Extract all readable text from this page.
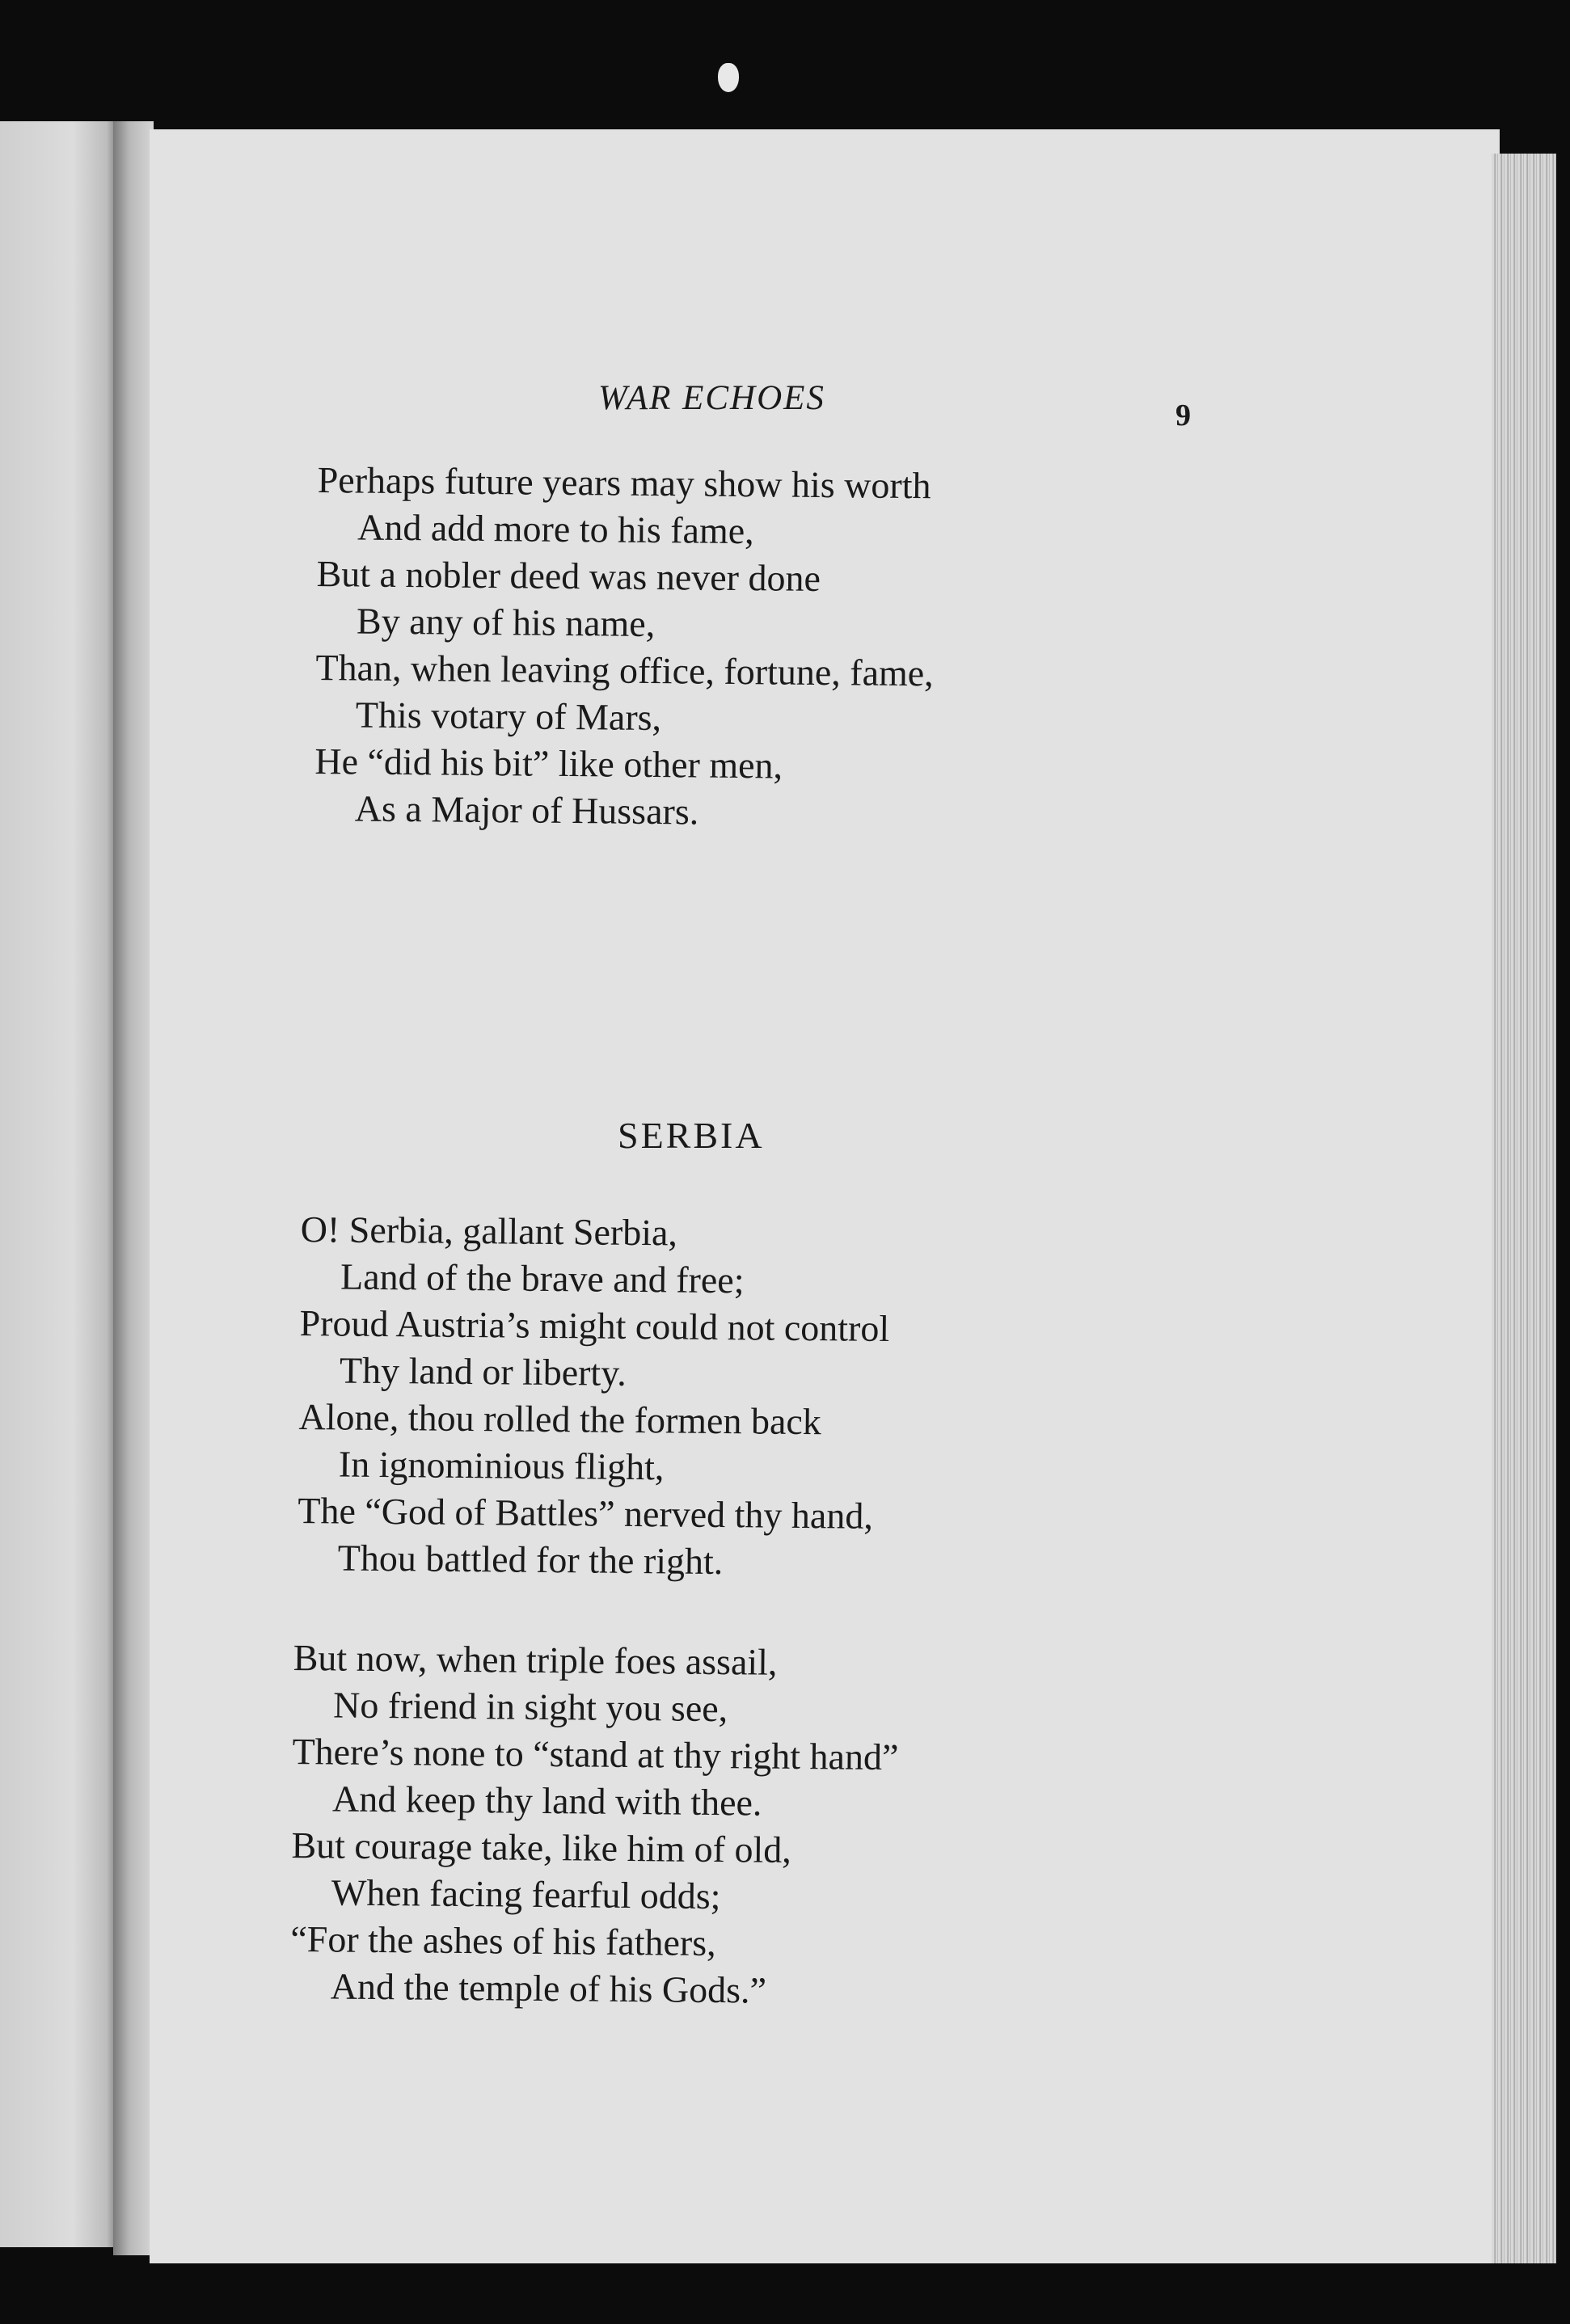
WAR ECHOES	9
Perhaps future years may show his worth
And add more to his fame,
But a nobler deed was never done
By any of his name,
Than, when leaving office, fortune, fame,
This votary of Mars,
He “did his bit” like other men,
As a Major of Hussars.
SERBIA
O! Serbia, gallant Serbia,
Land of the brave and free;
Proud Austria’s might could not control
Thy land or liberty.
Alone, thou rolled the formen back
In ignominious flight,
The “God of Battles” nerved thy hand,
Thou battled for the right.
But now, when triple foes assail,
No friend in sight you see,
There’s none to “stand at thy right hand”
And keep thy land with thee.
But courage take, like him of old,
When facing fearful odds;
“For the ashes of his fathers,
And the temple of his Gods.”
